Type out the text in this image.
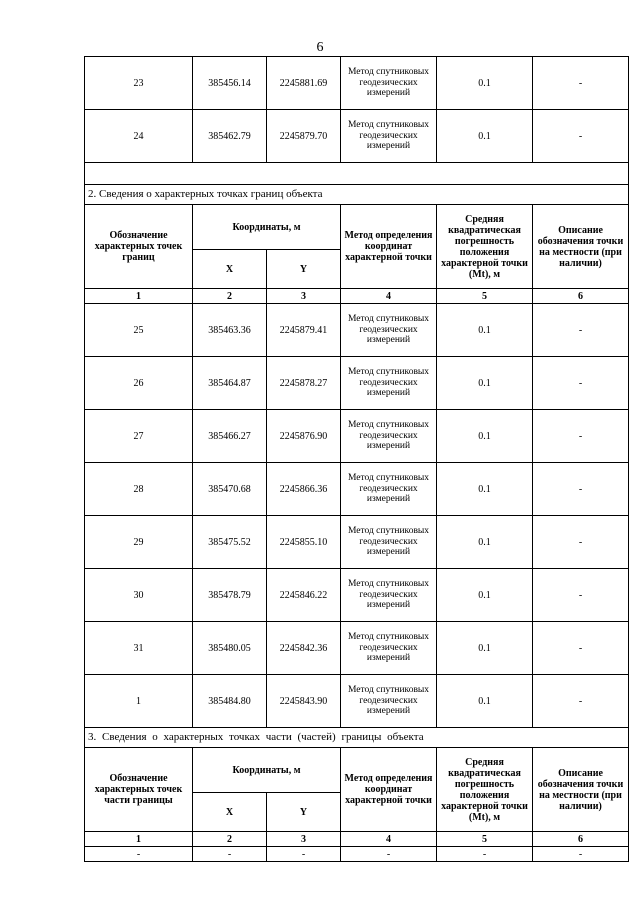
6
23	385456.14	2245881.69	Метод спутниковых геодезических измерений	0.1	-
24	385462.79	2245879.70	Метод спутниковых геодезических измерений	0.1	-

2. Сведения о характерных точках границ объекта					
Обозначение характерных точек границ	Координаты, м		Метод определения координат характерной точки	Средняя квадратическая погрешность положения характерной точки (Mt), м	Описание обозначения точки на местности (при наличии)
	X	Y			
1	2	3	4	5	6
25	385463.36	2245879.41	Метод спутниковых геодезических измерений	0.1	-
26	385464.87	2245878.27	Метод спутниковых геодезических измерений	0.1	-
27	385466.27	2245876.90	Метод спутниковых геодезических измерений	0.1	-
28	385470.68	2245866.36	Метод спутниковых геодезических измерений	0.1	-
29	385475.52	2245855.10	Метод спутниковых геодезических измерений	0.1	-
30	385478.79	2245846.22	Метод спутниковых геодезических измерений	0.1	-
31	385480.05	2245842.36	Метод спутниковых геодезических измерений	0.1	-
1	385484.80	2245843.90	Метод спутниковых геодезических измерений	0.1	-
3. Сведения о характерных точках части (частей) границы объекта					
Обозначение характерных точек части границы	Координаты, м		Метод определения координат характерной точки	Средняя квадратическая погрешность положения характерной точки (Mt), м	Описание обозначения точки на местности (при наличии)
	X	Y			
1	2	3	4	5	6
-	-	-	-	-	-
